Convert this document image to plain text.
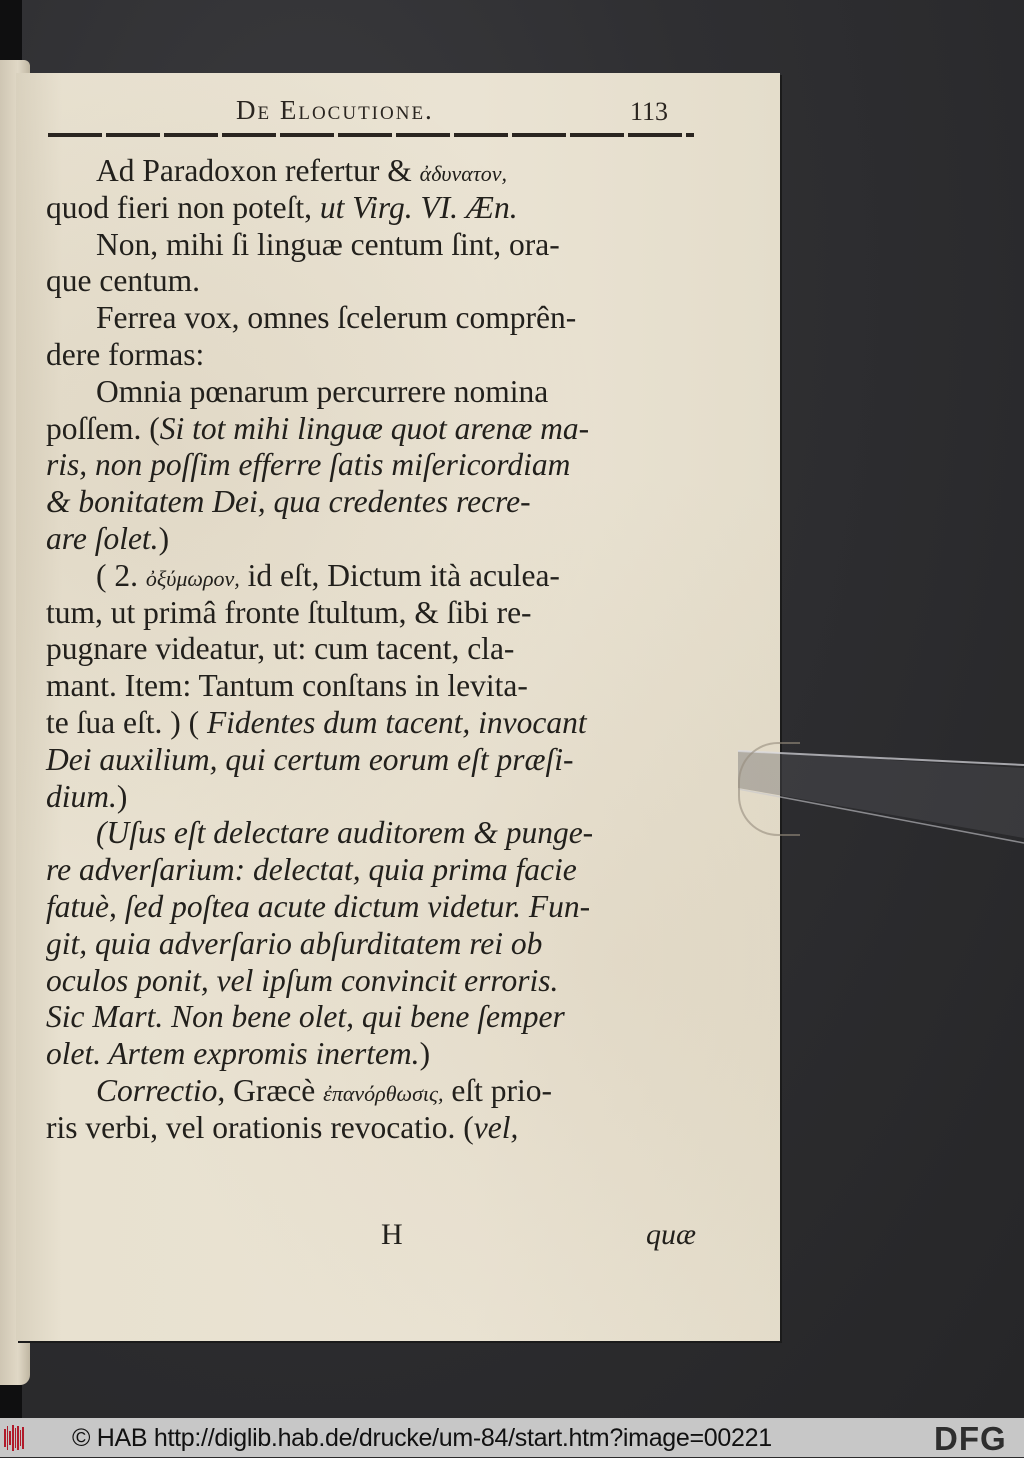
De Elocutione.	113
Ad Paradoxon refertur & ἀδυνατον,
quod fieri non poteſt, ut Virg. VI. Æn.
Non, mihi ſi linguæ centum ſint, ora-
que centum.
Ferrea vox, omnes ſcelerum comprên-
dere formas:
Omnia pœnarum percurrere nomina
poſſem. (Si tot mihi linguæ quot arenæ ma-
ris, non poſſim efferre ſatis miſericordiam
& bonitatem Dei, qua credentes recre-
are ſolet.)
( 2. ὀξύμωρον, id eſt, Dictum ità aculea-
tum, ut primâ fronte ſtultum, & ſibi re-
pugnare videatur, ut: cum tacent, cla-
mant. Item: Tantum conſtans in levita-
te ſua eſt. ) ( Fidentes dum tacent, invocant
Dei auxilium, qui certum eorum eſt præſi-
dium.)
(Uſus eſt delectare auditorem & punge-
re adverſarium: delectat, quia prima facie
fatuè, ſed poſtea acute dictum videtur. Fun-
git, quia adverſario abſurditatem rei ob
oculos ponit, vel ipſum convincit erroris.
Sic Mart. Non bene olet, qui bene ſemper
olet. Artem expromis inertem.)
Correctio, Græcè ἐπανόρθωσις, eſt prio-
ris verbi, vel orationis revocatio. (vel,
H	quæ
© HAB http://diglib.hab.de/drucke/um-84/start.htm?image=00221	DFG
